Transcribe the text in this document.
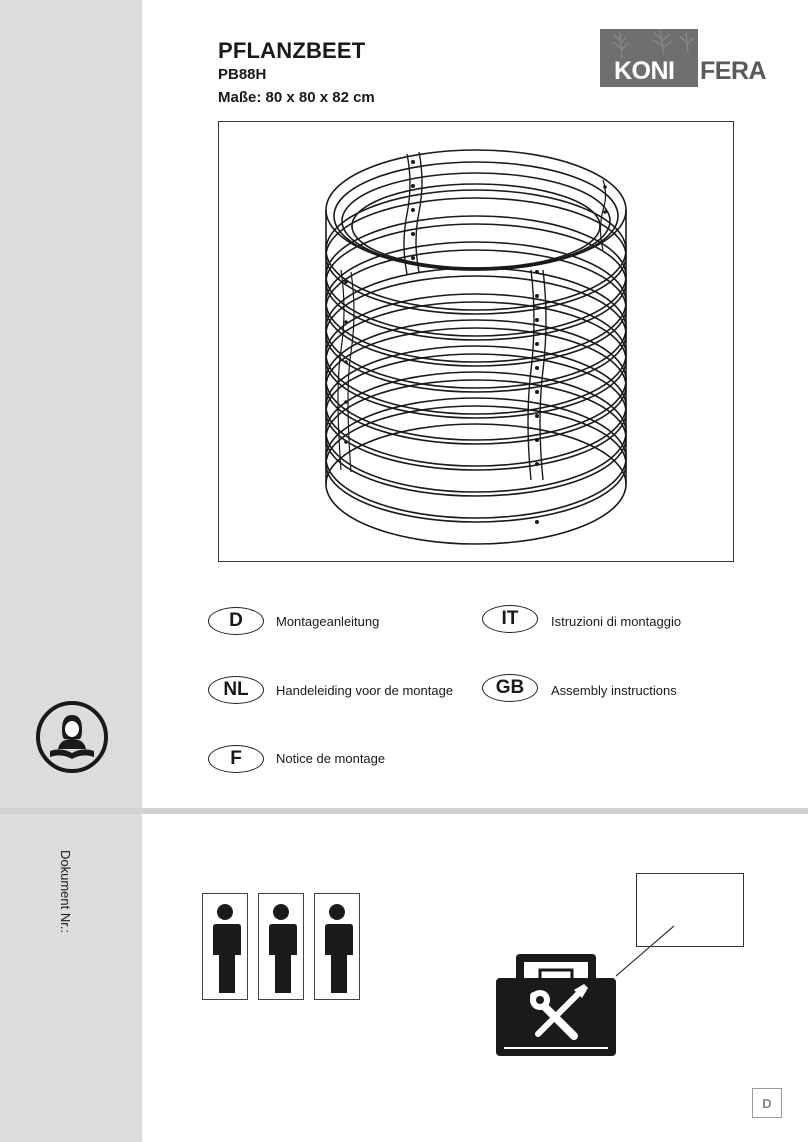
PFLANZBEET
PB88H
Maße: 80 x 80 x 82 cm
KONI FERA
D	Montageanleitung	IT	Istruzioni di montaggio
NL	Handeleiding voor de montage	GB	Assembly instructions
F	Notice de montage
Dokument Nr.:
D
